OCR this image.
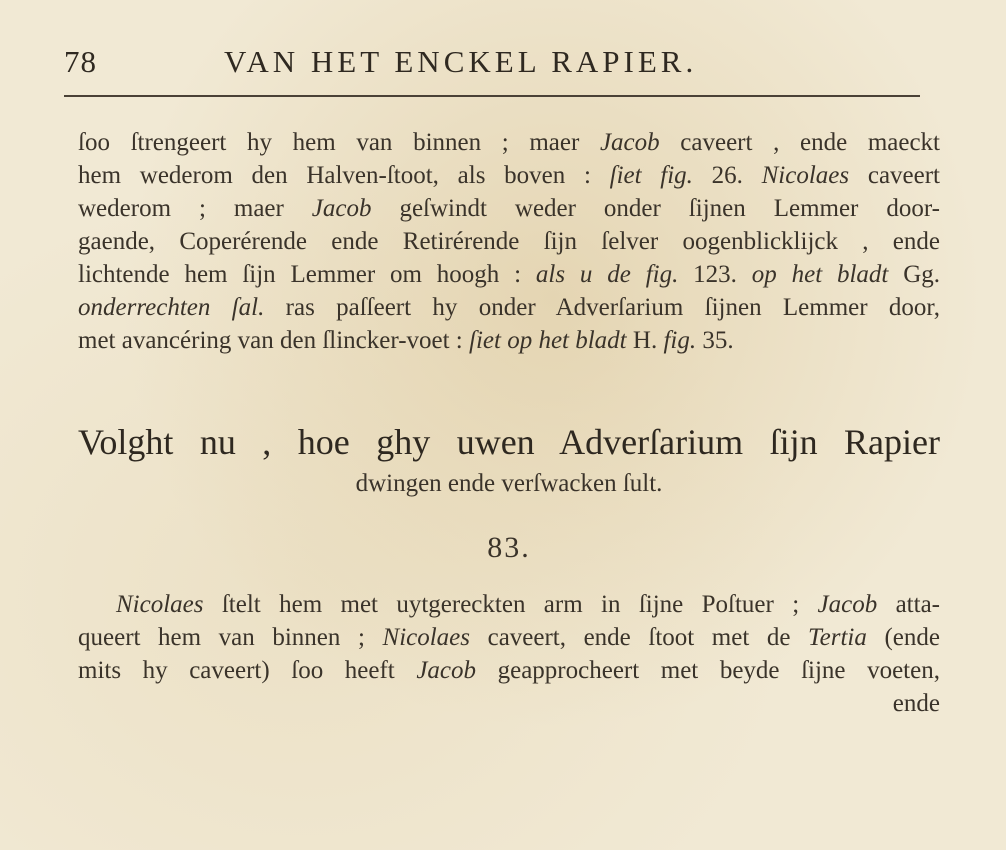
78	VAN HET ENCKEL RAPIER.
ſoo ſtrengeert hy hem van binnen ; maer Jacob caveert , ende maeckt
hem wederom den Halven-ſtoot, als boven : ſiet fig. 26. Nicolaes caveert
wederom ; maer Jacob geſwindt weder onder ſijnen Lemmer door-
gaende, Coperérende ende Retirérende ſijn ſelver oogenblicklijck , ende
lichtende hem ſijn Lemmer om hoogh : als u de fig. 123. op het bladt Gg.
onderrechten ſal. ras paſſeert hy onder Adverſarium ſijnen Lemmer door,
met avancéring van den ſlincker-voet : ſiet op het bladt H. fig. 35.
Volght nu , hoe ghy uwen Adverſarium ſijn Rapier
dwingen ende verſwacken ſult.
83.
Nicolaes ſtelt hem met uytgereckten arm in ſijne Poſtuer ; Jacob atta-
queert hem van binnen ; Nicolaes caveert, ende ſtoot met de Tertia (ende
mits hy caveert) ſoo heeft Jacob geapprocheert met beyde ſijne voeten,
ende
